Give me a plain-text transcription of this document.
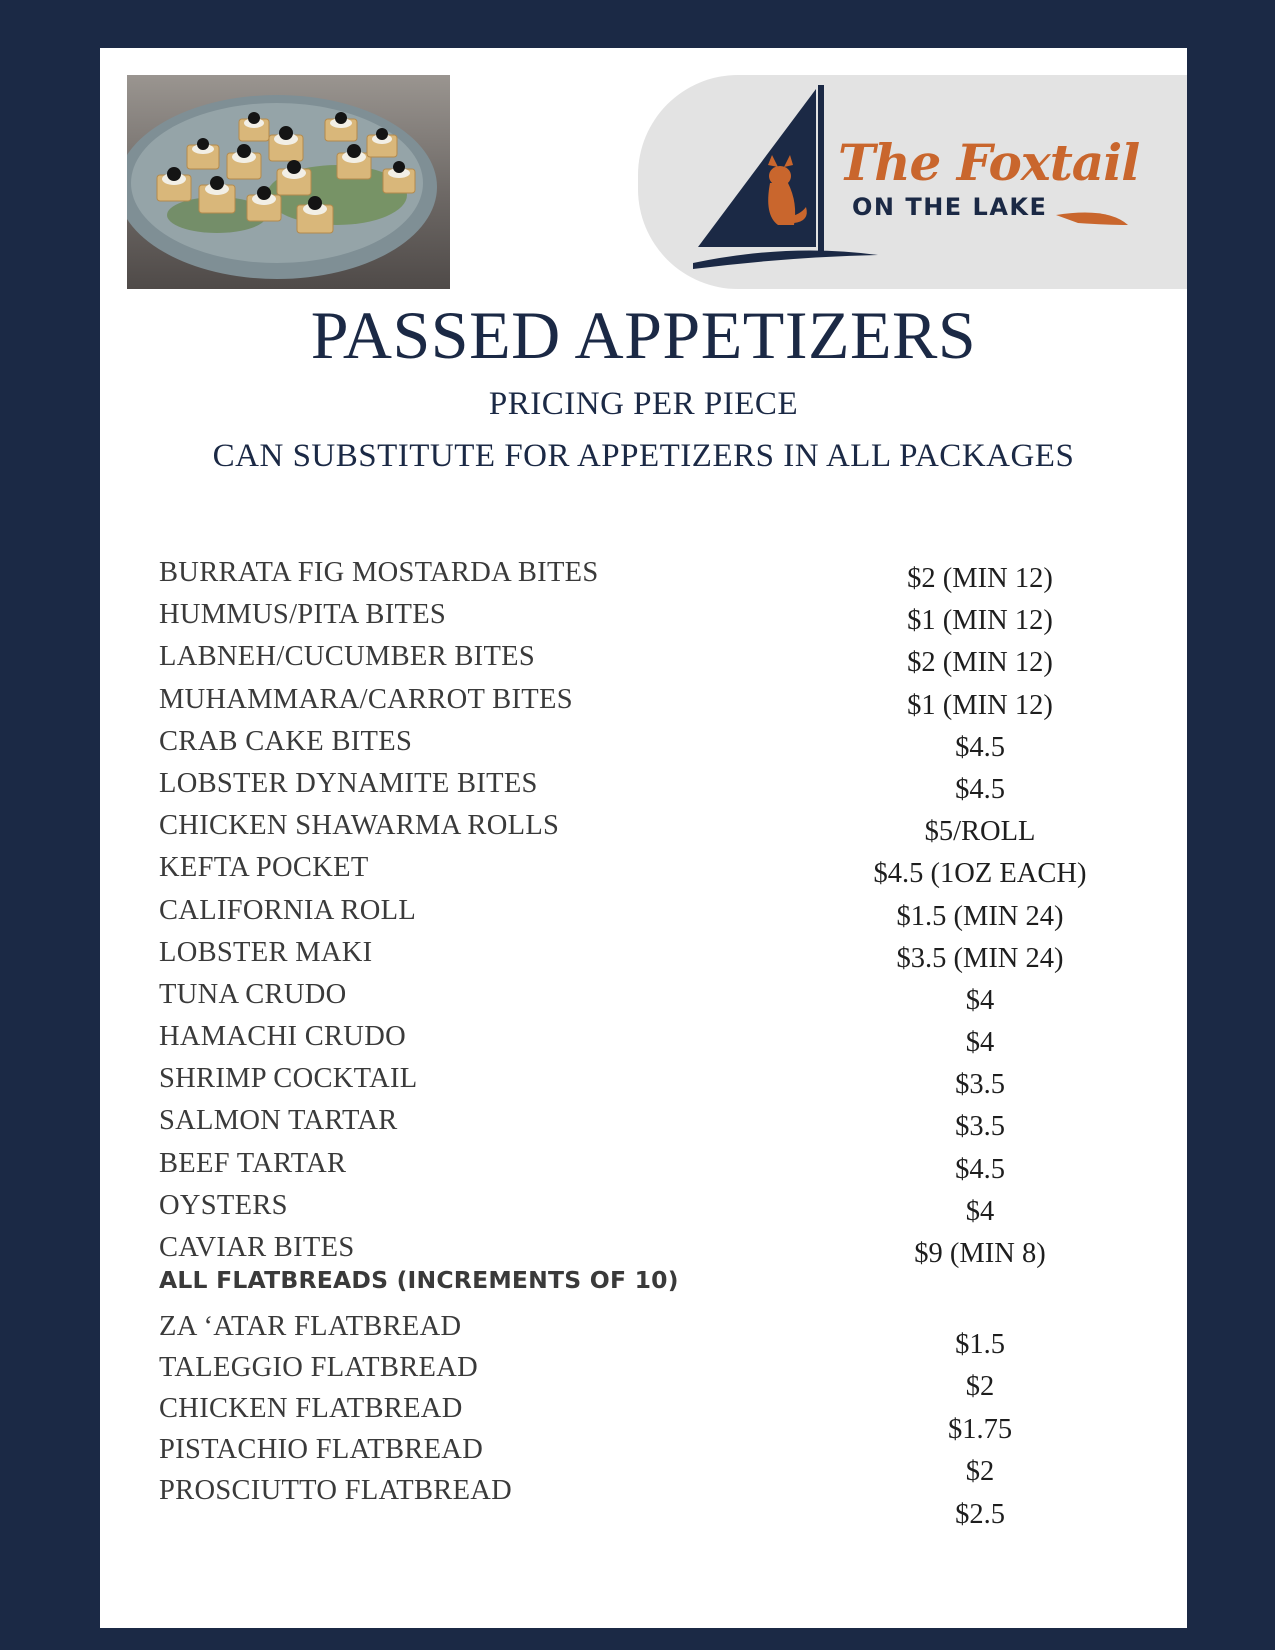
The Foxtail
ON THE LAKE
PASSED APPETIZERS
PRICING PER PIECE
CAN SUBSTITUTE FOR APPETIZERS IN ALL PACKAGES
BURRATA FIG MOSTARDA BITES
HUMMUS/PITA BITES
LABNEH/CUCUMBER BITES
MUHAMMARA/CARROT BITES
CRAB CAKE BITES
LOBSTER DYNAMITE BITES
CHICKEN SHAWARMA ROLLS
KEFTA POCKET
CALIFORNIA ROLL
LOBSTER MAKI
TUNA CRUDO
HAMACHI CRUDO
SHRIMP COCKTAIL
SALMON TARTAR
BEEF TARTAR
OYSTERS
CAVIAR BITES
$2 (MIN 12)
$1 (MIN 12)
$2 (MIN 12)
$1 (MIN 12)
$4.5
$4.5
$5/ROLL
$4.5 (1OZ EACH)
$1.5 (MIN 24)
$3.5 (MIN 24)
$4
$4
$3.5
$3.5
$4.5
$4
$9 (MIN 8)
ALL FLATBREADS (INCREMENTS OF 10)
ZA ‘ATAR FLATBREAD
TALEGGIO FLATBREAD
CHICKEN FLATBREAD
PISTACHIO FLATBREAD
PROSCIUTTO FLATBREAD
$1.5
$2
$1.75
$2
$2.5
